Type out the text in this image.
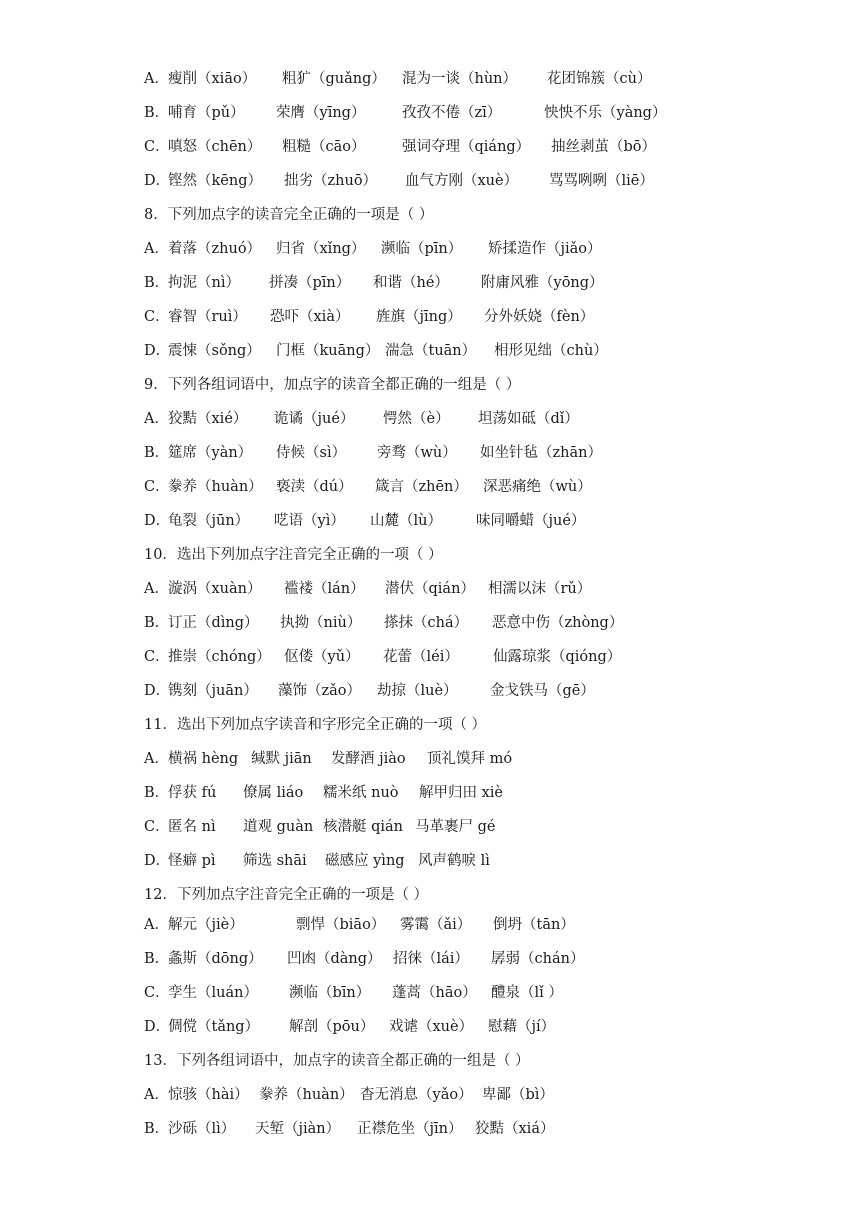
A． 瘦削（xiāo） 粗犷（guǎng） 混为一谈（hùn） 花团锦簇（cù）
B．
哺育（pǔ） 荣膺（yīng）	孜孜不倦（zī）	怏怏不乐（yàng）
C．
嗔怒（chēn） 粗糙（cāo）	强词夺理（qiáng） 抽丝剥茧（bō）
D．
铿然（kēng） 拙劣（zhuō） 血气方刚（xuè） 骂骂咧咧（liē）
8．下列加点字的读音完全正确的一项是（ ）
A． 着落（zhuó） 归省（xǐng） 濒临（pīn） 矫揉造作（jiǎo）
B．
拘泥（nì） 拼凑（pīn） 和谐（hé） 附庸风雅（yōng）
C．
睿智（ruì） 恐吓（xià） 旌旗（jīng） 分外妖娆（fèn）
D．
震悚（sǒng） 门框（kuāng） 湍急（tuān） 相形见绌（chù）
9．下列各组词语中，加点字的读音全都正确的一组是（ ）
A． 狡黠（xié） 诡谲（jué） 愕然（è） 坦荡如砥（dǐ）
B．
筵席（yàn） 侍候（sì） 旁骛（wù） 如坐针毡（zhān）
C．
豢养（huàn） 亵渎（dú） 箴言（zhēn） 深恶痛绝（wù）
D．
龟裂（jūn） 呓语（yì） 山麓（lù） 味同嚼蜡（jué）
10．选出下列加点字注音完全正确的一项（ ）
A． 漩涡（xuàn） 褴褛（lán） 潜伏（qián） 相濡以沫（rǔ）
B．
订正（dìng） 执拗（niù） 搽抹（chá） 恶意中伤（zhòng）
C．
推崇（chóng） 伛偻（yǔ） 花蕾（léi） 仙露琼浆（qióng）
D．
镌刻（juān） 藻饰（zǎo） 劫掠（luè） 金戈铁马（gē）
11．选出下列加点字读音和字形完全正确的一项（ ）
A． 横祸 hèng 缄默 jiān 发酵酒 jiào 顶礼馍拜 mó
B．
俘获 fú 僚属 liáo 糯米纸 nuò 解甲归田 xiè
C．
匿名 nì 道观 guàn 核潜艇 qián 马革裹尸 gé
D．
怪癖 pì 筛选 shāi 磁感应 yìng 风声鹤唳 lì
12．下列加点字注音完全正确的一项是（ ）
A． 解元（jiè）	剽悍（biāo） 雾霭（ǎi） 倒坍（tān）
B．
螽斯（dōng） 凹凼（dàng） 招徕（lái） 孱弱（chán）
C．
孪生（luán） 濒临（bīn） 蓬蒿（hāo） 醴泉（lǐ ）
D．
倜傥（tǎng） 解剖（pōu） 戏谑（xuè） 慰藉（jí）
13．下列各组词语中，加点字的读音全都正确的一组是（ ）
A． 惊骇（hài） 豢养（huàn） 杳无消息（yǎo） 卑鄙（bì）
B．
沙砾（lì） 天堑（jiàn） 正襟危坐（jīn） 狡黠（xiá）
